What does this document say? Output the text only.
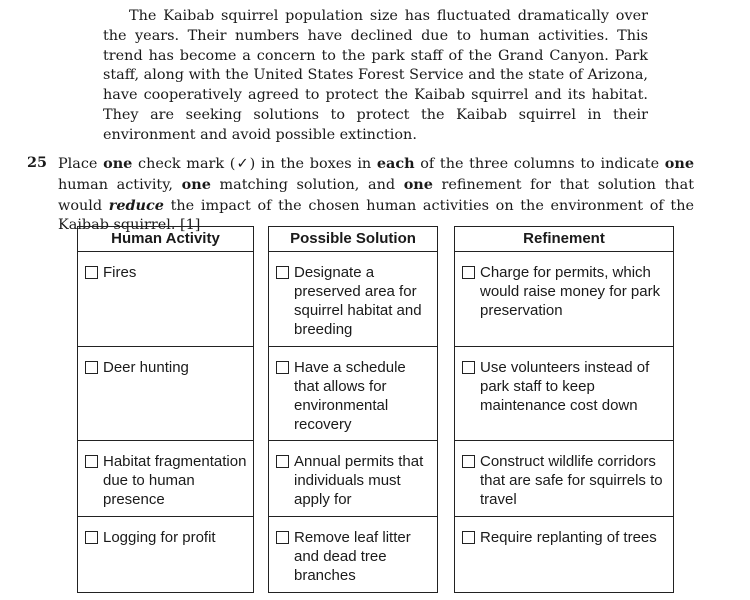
The Kaibab squirrel population size has fluctuated dramatically over the years. Their numbers have declined due to human activities. This trend has become a concern to the park staff of the Grand Canyon. Park staff, along with the United States Forest Service and the state of Arizona, have cooperatively agreed to protect the Kaibab squirrel and its habitat. They are seeking solutions to protect the Kaibab squirrel in their environment and avoid possible extinction.
25 Place one check mark (✓) in the boxes in each of the three columns to indicate one human activity, one matching solution, and one refinement for that solution that would reduce the impact of the chosen human activities on the environment of the Kaibab squirrel. [1]
Human Activity
Fires
Deer hunting
Habitat fragmentation due to human presence
Logging for profit
Possible Solution
Designate a preserved area for squirrel habitat and breeding
Have a schedule that allows for environmental recovery
Annual permits that individuals must apply for
Remove leaf litter and dead tree branches
Refinement
Charge for permits, which would raise money for park preservation
Use volunteers instead of park staff to keep maintenance cost down
Construct wildlife corridors that are safe for squirrels to travel
Require replanting of trees
